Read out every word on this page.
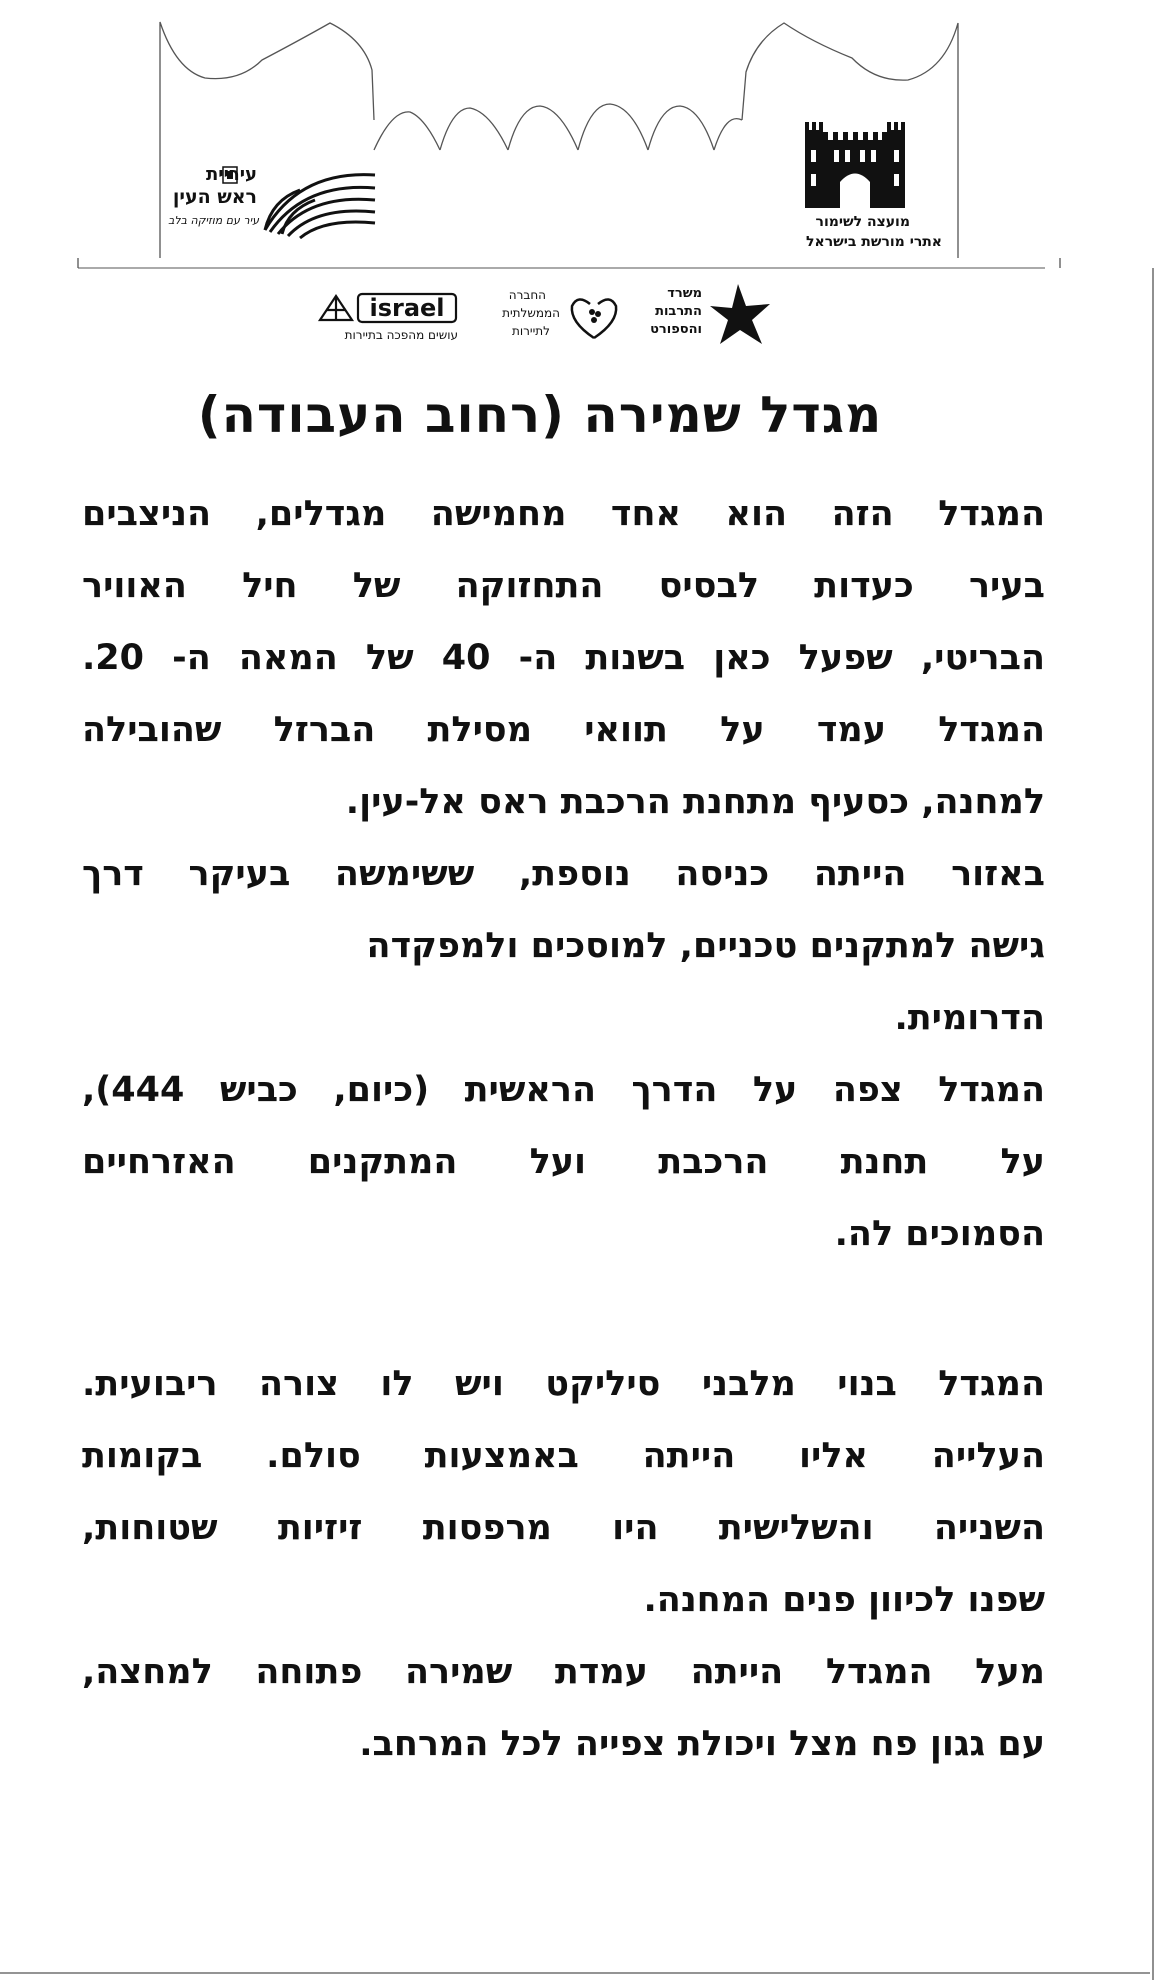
עיריית
ראש העין
עיר עם מוזיקה בלב	מועצה לשימור
אתרי מורשת בישראל
משרד
התרבות
והספורט
החברה
הממשלתית
לתיירות
israel
עושים מהפכה בתיירות
מגדל שמירה (רחוב העבודה)
המגדל הזה הוא אחד מחמישה מגדלים, הניצבים
בעיר כעדות לבסיס התחזוקה של חיל האוויר
הבריטי, שפעל כאן בשנות ה- 40 של המאה ה- 20.
המגדל עמד על תוואי מסילת הברזל שהובילה
למחנה, כסעיף מתחנת הרכבת ראס אל-עין.
באזור הייתה כניסה נוספת, ששימשה בעיקר דרך
גישה למתקנים טכניים, למוסכים ולמפקדה
הדרומית.
המגדל צפה על הדרך הראשית (כיום, כביש 444),
על תחנת הרכבת ועל המתקנים האזרחיים
הסמוכים לה.
המגדל בנוי מלבני סיליקט ויש לו צורה ריבועית.
העלייה אליו הייתה באמצעות סולם. בקומות
השנייה והשלישית היו מרפסות זיזיות שטוחות,
שפנו לכיוון פנים המחנה.
מעל המגדל הייתה עמדת שמירה פתוחה למחצה,
עם גגון פח מצל ויכולת צפייה לכל המרחב.
